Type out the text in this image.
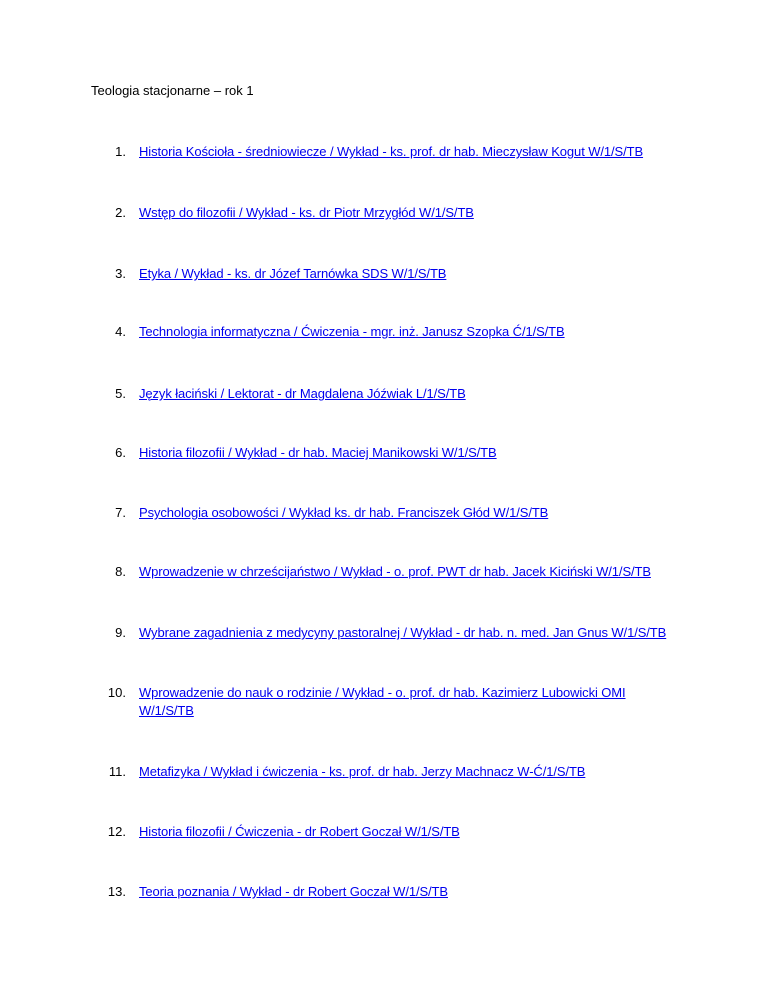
Teologia stacjonarne – rok 1
1. Historia Kościoła - średniowiecze / Wykład - ks. prof. dr hab. Mieczysław Kogut W/1/S/TB
2. Wstęp do filozofii / Wykład - ks. dr Piotr Mrzygłód W/1/S/TB
3. Etyka / Wykład - ks. dr Józef Tarnówka SDS W/1/S/TB
4. Technologia informatyczna / Ćwiczenia - mgr. inż. Janusz Szopka Ć/1/S/TB
5. Język łaciński / Lektorat - dr Magdalena Jóźwiak L/1/S/TB
6. Historia filozofii / Wykład - dr hab. Maciej Manikowski W/1/S/TB
7. Psychologia osobowości / Wykład ks. dr hab. Franciszek Głód W/1/S/TB
8. Wprowadzenie w chrześcijaństwo / Wykład - o. prof. PWT dr hab. Jacek Kiciński W/1/S/TB
9. Wybrane zagadnienia z medycyny pastoralnej / Wykład - dr hab. n. med. Jan Gnus W/1/S/TB
10. Wprowadzenie do nauk o rodzinie / Wykład - o. prof. dr hab. Kazimierz Lubowicki OMI W/1/S/TB
11. Metafizyka / Wykład i ćwiczenia - ks. prof. dr hab. Jerzy Machnacz W-Ć/1/S/TB
12. Historia filozofii / Ćwiczenia - dr Robert Goczał W/1/S/TB
13. Teoria poznania / Wykład - dr Robert Goczał W/1/S/TB
